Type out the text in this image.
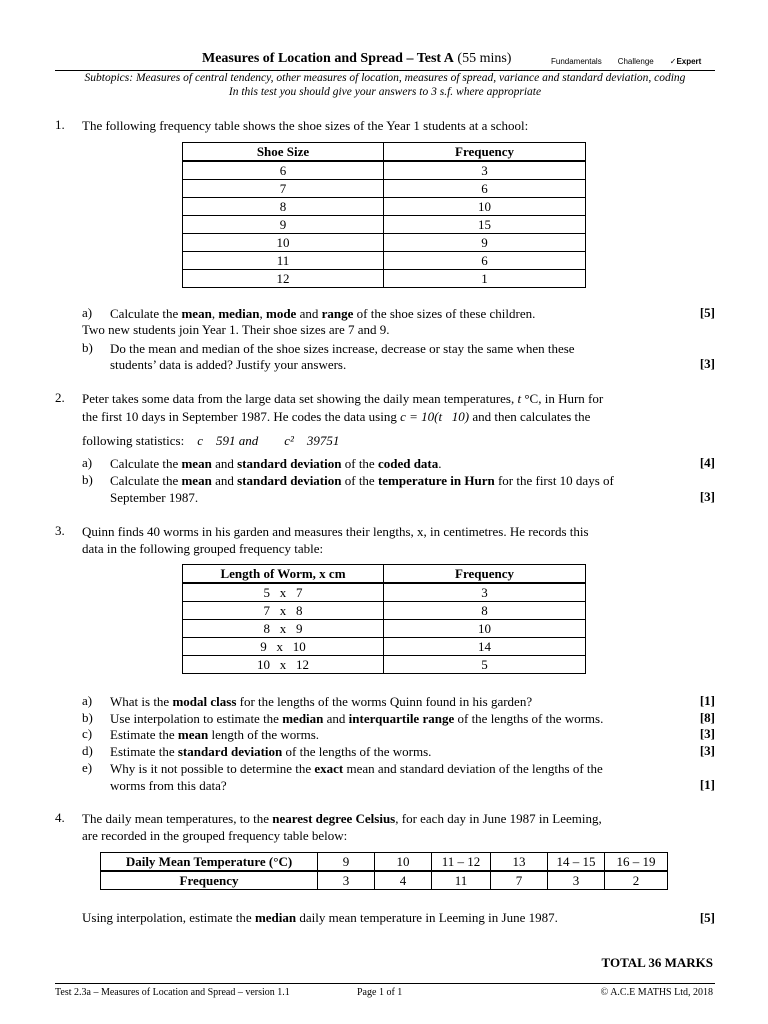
Measures of Location and Spread – Test A (55 mins)	Fundamentals Challenge ✓Expert
Subtopics: Measures of central tendency, other measures of location, measures of spread, variance and standard deviation, coding
In this test you should give your answers to 3 s.f. where appropriate
1. The following frequency table shows the shoe sizes of the Year 1 students at a school:
Shoe Size	Frequency
6	3
7	6
8	10
9	15
10	9
11	6
12	1
a) Calculate the mean, median, mode and range of the shoe sizes of these children.	[5]
Two new students join Year 1. Their shoe sizes are 7 and 9.
b) Do the mean and median of the shoe sizes increase, decrease or stay the same when these
students’ data is added? Justify your answers.	[3]
2. Peter takes some data from the large data set showing the daily mean temperatures, t °C, in Hurn for
the first 10 days in September 1987. He codes the data using c = 10(t   10) and then calculates the
following statistics: c    591 and c²    39751
a) Calculate the mean and standard deviation of the coded data.	[4]
b) Calculate the mean and standard deviation of the temperature in Hurn for the first 10 days of
September 1987.	[3]
3. Quinn finds 40 worms in his garden and measures their lengths, x, in centimetres. He records this
data in the following grouped frequency table:
Length of Worm, x cm	Frequency
5   x   7	3
7   x   8	8
8   x   9	10
9   x   10	14
10   x   12	5
a) What is the modal class for the lengths of the worms Quinn found in his garden?	[1]
b) Use interpolation to estimate the median and interquartile range of the lengths of the worms.	[8]
c) Estimate the mean length of the worms.	[3]
d) Estimate the standard deviation of the lengths of the worms.	[3]
e) Why is it not possible to determine the exact mean and standard deviation of the lengths of the
worms from this data?	[1]
4. The daily mean temperatures, to the nearest degree Celsius, for each day in June 1987 in Leeming,
are recorded in the grouped frequency table below:
Daily Mean Temperature (°C)	9	10	11 – 12	13	14 – 15	16 – 19
Frequency	3	4	11	7	3	2
Using interpolation, estimate the median daily mean temperature in Leeming in June 1987.	[5]
TOTAL 36 MARKS
Test 2.3a – Measures of Location and Spread – version 1.1	Page 1 of 1	© A.C.E MATHS Ltd, 2018
